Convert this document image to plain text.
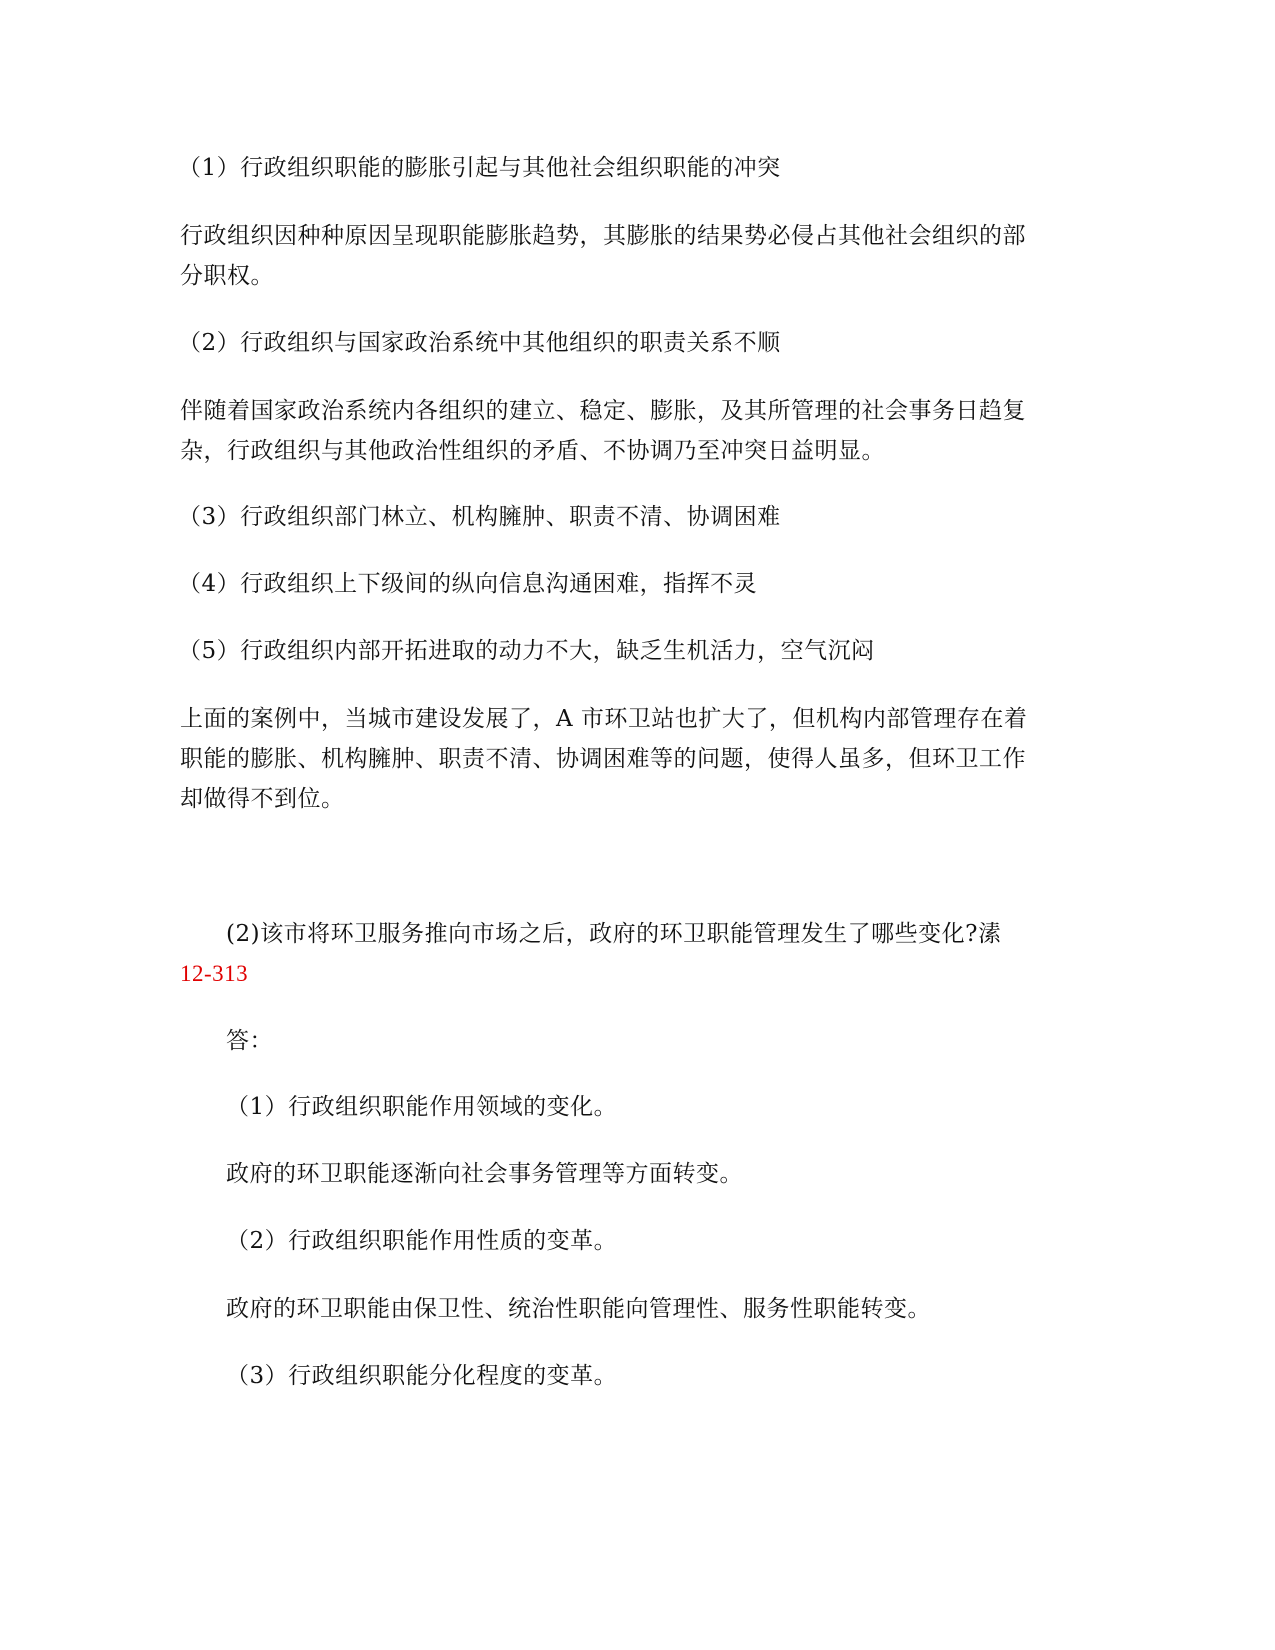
（1）行政组织职能的膨胀引起与其他社会组织职能的冲突
行政组织因种种原因呈现职能膨胀趋势，其膨胀的结果势必侵占其他社会组织的部
分职权。
（2）行政组织与国家政治系统中其他组织的职责关系不顺
伴随着国家政治系统内各组织的建立、稳定、膨胀，及其所管理的社会事务日趋复
杂，行政组织与其他政治性组织的矛盾、不协调乃至冲突日益明显。
（3）行政组织部门林立、机构臃肿、职责不清、协调困难
（4）行政组织上下级间的纵向信息沟通困难，指挥不灵
（5）行政组织内部开拓进取的动力不大，缺乏生机活力，空气沉闷
上面的案例中，当城市建设发展了，A 市环卫站也扩大了，但机构内部管理存在着
职能的膨胀、机构臃肿、职责不清、协调困难等的问题，使得人虽多，但环卫工作
却做得不到位。
(2)该市将环卫服务推向市场之后，政府的环卫职能管理发生了哪些变化?溸
12-313
答：
（1）行政组织职能作用领域的变化。
政府的环卫职能逐渐向社会事务管理等方面转变。
（2）行政组织职能作用性质的变革。
政府的环卫职能由保卫性、统治性职能向管理性、服务性职能转变。
（3）行政组织职能分化程度的变革。
